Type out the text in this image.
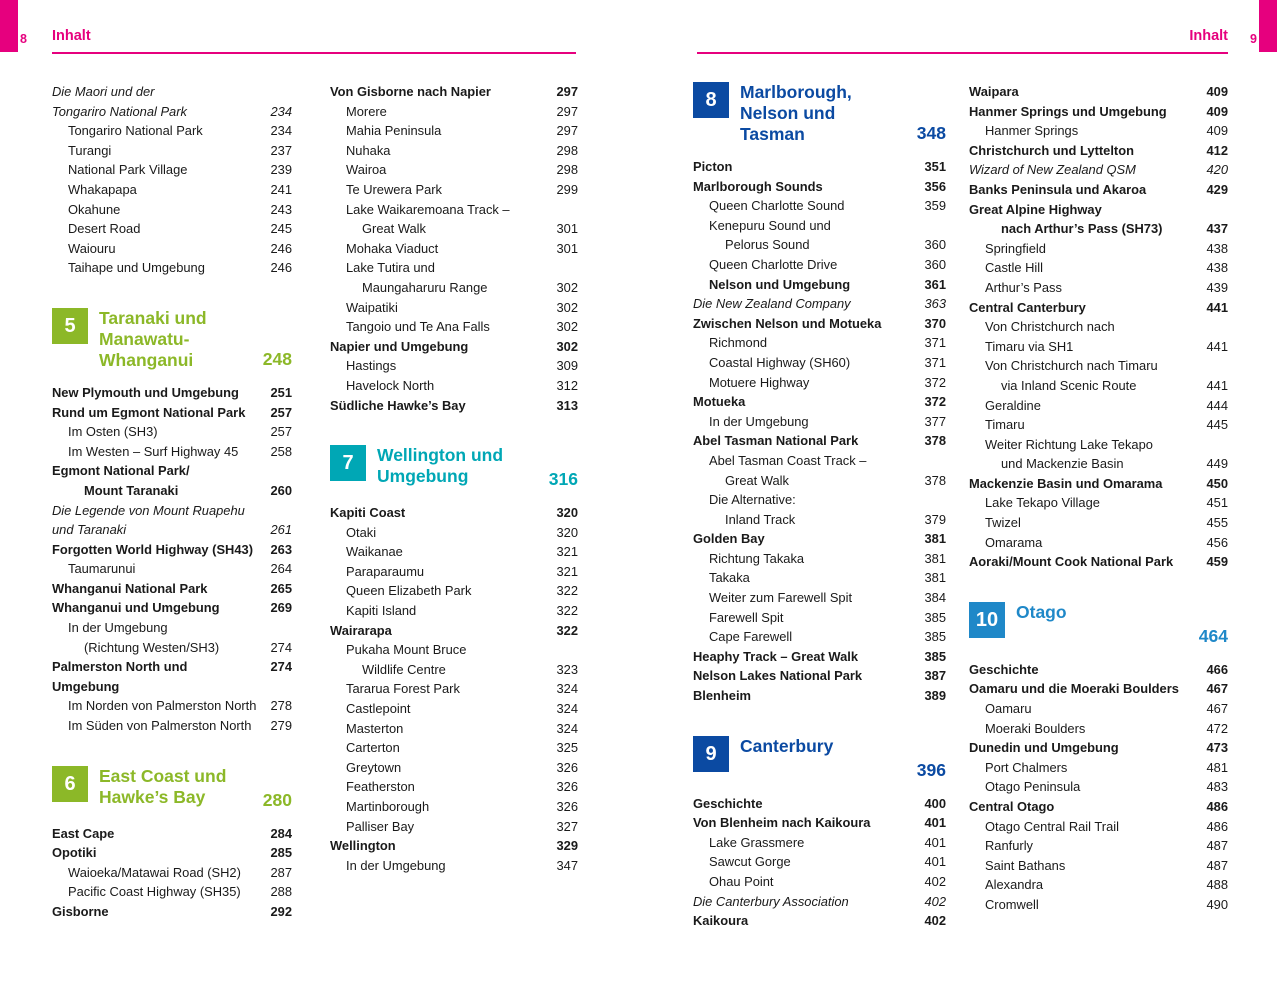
8	9
Inhalt	Inhalt
Die Maori und der
Tongariro National Park	234
Tongariro National Park	234
Turangi	237
National Park Village	239
Whakapapa	241
Okahune	243
Desert Road	245
Waiouru	246
Taihape und Umgebung	246
5	Taranaki und Manawatu-Whanganui	248
New Plymouth und Umgebung	251
Rund um Egmont National Park	257
Im Osten (SH3)	257
Im Westen – Surf Highway 45	258
Egmont National Park/
Mount Taranaki	260
Die Legende von Mount Ruapehu
und Taranaki	261
Forgotten World Highway (SH43)	263
Taumarunui	264
Whanganui National Park	265
Whanganui und Umgebung	269
In der Umgebung
(Richtung Westen/SH3)	274
Palmerston North und Umgebung
274
Im Norden von Palmerston North	278
Im Süden von Palmerston North	279
6	East Coast und Hawke’s Bay	280
East Cape	284
Opotiki	285
Waioeka/Matawai Road (SH2)	287
Pacific Coast Highway (SH35)	288
Gisborne	292
Von Gisborne nach Napier	297
Morere	297
Mahia Peninsula	297
Nuhaka	298
Wairoa	298
Te Urewera Park	299
Lake Waikaremoana Track –
Great Walk	301
Mohaka Viaduct	301
Lake Tutira und
Maungaharuru Range	302
Waipatiki	302
Tangoio und Te Ana Falls	302
Napier und Umgebung	302
Hastings	309
Havelock North	312
Südliche Hawke’s Bay	313
7	Wellington und Umgebung	316
Kapiti Coast	320
Otaki	320
Waikanae	321
Paraparaumu	321
Queen Elizabeth Park	322
Kapiti Island	322
Wairarapa	322
Pukaha Mount Bruce
Wildlife Centre	323
Tararua Forest Park	324
Castlepoint	324
Masterton	324
Carterton	325
Greytown	326
Featherston	326
Martinborough	326
Palliser Bay	327
Wellington	329
In der Umgebung	347
8	Marlborough, Nelson und Tasman	348
Picton	351
Marlborough Sounds	356
Queen Charlotte Sound	359
Kenepuru Sound und
Pelorus Sound	360
Queen Charlotte Drive	360
Nelson und Umgebung	361
Die New Zealand Company	363
Zwischen Nelson und Motueka	370
Richmond	371
Coastal Highway (SH60)	371
Motuere Highway	372
Motueka	372
In der Umgebung	377
Abel Tasman National Park	378
Abel Tasman Coast Track –
Great Walk	378
Die Alternative:
Inland Track	379
Golden Bay	381
Richtung Takaka	381
Takaka	381
Weiter zum Farewell Spit	384
Farewell Spit	385
Cape Farewell	385
Heaphy Track – Great Walk	385
Nelson Lakes National Park	387
Blenheim	389
9	Canterbury
396
Geschichte	400
Von Blenheim nach Kaikoura	401
Lake Grassmere	401
Sawcut Gorge	401
Ohau Point	402
Die Canterbury Association	402
Kaikoura	402
Waipara	409
Hanmer Springs und Umgebung	409
Hanmer Springs	409
Christchurch und Lyttelton	412
Wizard of New Zealand QSM	420
Banks Peninsula und Akaroa	429
Great Alpine Highway
nach Arthur’s Pass (SH73)	437
Springfield	438
Castle Hill	438
Arthur’s Pass	439
Central Canterbury	441
Von Christchurch nach
Timaru via SH1	441
Von Christchurch nach Timaru
via Inland Scenic Route	441
Geraldine	444
Timaru	445
Weiter Richtung Lake Tekapo
und Mackenzie Basin	449
Mackenzie Basin und Omarama	450
Lake Tekapo Village	451
Twizel	455
Omarama	456
Aoraki/Mount Cook National Park	459
10	Otago
464
Geschichte	466
Oamaru und die Moeraki Boulders	467
Oamaru	467
Moeraki Boulders	472
Dunedin und Umgebung	473
Port Chalmers	481
Otago Peninsula	483
Central Otago	486
Otago Central Rail Trail	486
Ranfurly	487
Saint Bathans	487
Alexandra	488
Cromwell	490
